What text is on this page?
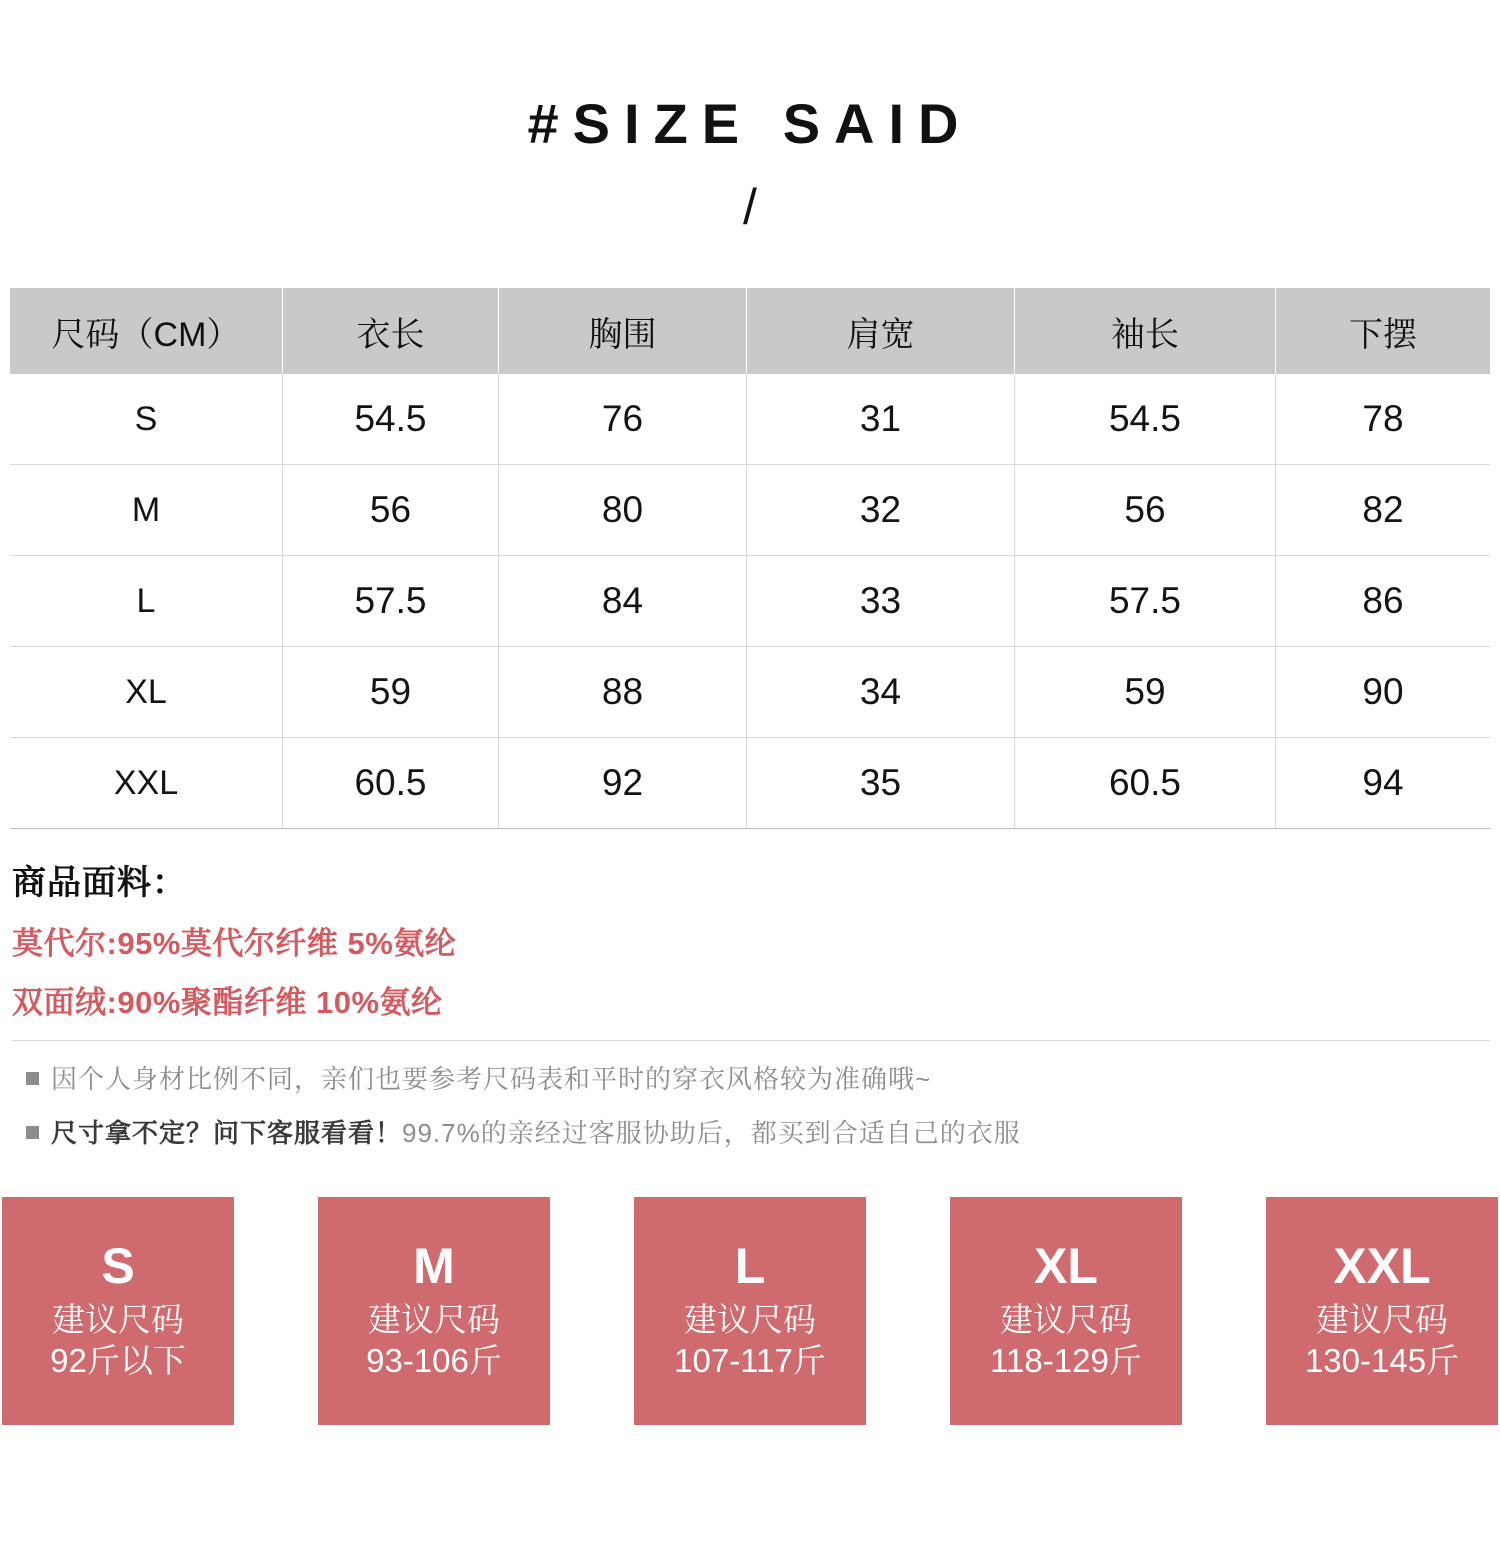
#SIZE SAID
/
尺码（CM）	衣长	胸围	肩宽	袖长	下摆
S	54.5	76	31	54.5	78
M	56	80	32	56	82
L	57.5	84	33	57.5	86
XL	59	88	34	59	90
XXL	60.5	92	35	60.5	94
商品面料：
莫代尔:95%莫代尔纤维 5%氨纶
双面绒:90%聚酯纤维 10%氨纶
因个人身材比例不同，亲们也要参考尺码表和平时的穿衣风格较为准确哦~
尺寸拿不定？问下客服看看！99.7%的亲经过客服协助后，都买到合适自己的衣服
S
建议尺码
92斤以下
M
建议尺码
93-106斤
L
建议尺码
107-117斤
XL
建议尺码
118-129斤
XXL
建议尺码
130-145斤
